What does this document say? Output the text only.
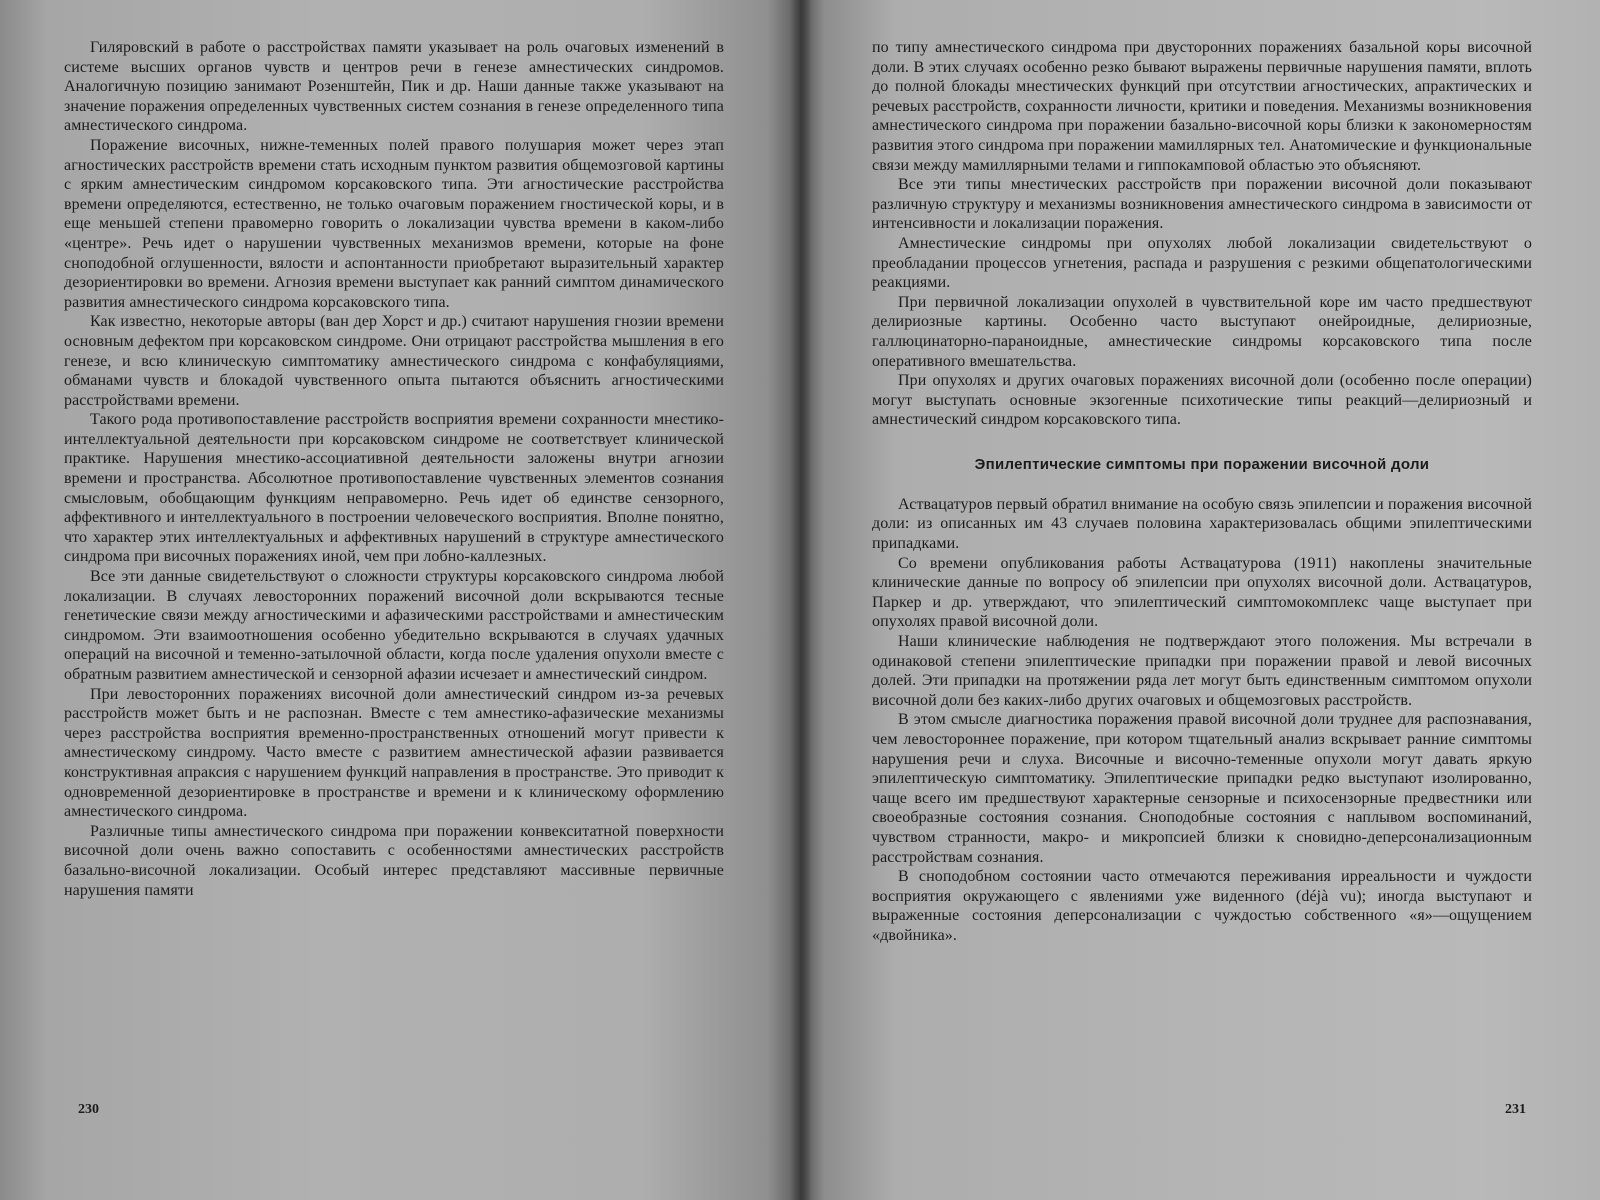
Гиляровский в работе о расстройствах памяти указывает на роль очаговых изменений в системе высших органов чувств и центров речи в генезе амнестических синдромов. Аналогичную позицию занимают Розенштейн, Пик и др. Наши данные также указывают на значение поражения определенных чувственных систем сознания в генезе определенного типа амнестического синдрома.

Поражение височных, нижне-теменных полей правого полушария может через этап агностических расстройств времени стать исходным пунктом развития общемозговой картины с ярким амнестическим синдромом корсаковского типа. Эти агностические расстройства времени определяются, естественно, не только очаговым поражением гностической коры, и в еще меньшей степени правомерно говорить о локализации чувства времени в каком-либо «центре». Речь идет о нарушении чувственных механизмов времени, которые на фоне сноподобной оглушенности, вялости и аспонтанности приобретают выразительный характер дезориентировки во времени. Агнозия времени выступает как ранний симптом динамического развития амнестического синдрома корсаковского типа.

Как известно, некоторые авторы (ван дер Хорст и др.) считают нарушения гнозии времени основным дефектом при корсаковском синдроме. Они отрицают расстройства мышления в его генезе, и всю клиническую симптоматику амнестического синдрома с конфабуляциями, обманами чувств и блокадой чувственного опыта пытаются объяснить агностическими расстройствами времени.

Такого рода противопоставление расстройств восприятия времени сохранности мнестико-интеллектуальной деятельности при корсаковском синдроме не соответствует клинической практике. Нарушения мнестико-ассоциативной деятельности заложены внутри агнозии времени и пространства. Абсолютное противопоставление чувственных элементов сознания смысловым, обобщающим функциям неправомерно. Речь идет об единстве сензорного, аффективного и интеллектуального в построении человеческого восприятия. Вполне понятно, что характер этих интеллектуальных и аффективных нарушений в структуре амнестического синдрома при височных поражениях иной, чем при лобно-каллезных.

Все эти данные свидетельствуют о сложности структуры корсаковского синдрома любой локализации. В случаях левосторонних поражений височной доли вскрываются тесные генетические связи между агностическими и афазическими расстройствами и амнестическим синдромом. Эти взаимоотношения особенно убедительно вскрываются в случаях удачных операций на височной и теменно-затылочной области, когда после удаления опухоли вместе с обратным развитием амнестической и сензорной афазии исчезает и амнестический синдром.

При левосторонних поражениях височной доли амнестический синдром из-за речевых расстройств может быть и не распознан. Вместе с тем амнестико-афазические механизмы через расстройства восприятия временно-пространственных отношений могут привести к амнестическому синдрому. Часто вместе с развитием амнестической афазии развивается конструктивная апраксия с нарушением функций направления в пространстве. Это приводит к одновременной дезориентировке в пространстве и времени и к клиническому оформлению амнестического синдрома.

Различные типы амнестического синдрома при поражении конвекситатной поверхности височной доли очень важно сопоставить с особенностями амнестических расстройств базально-височной локализации. Особый интерес представляют массивные первичные нарушения памяти

230

по типу амнестического синдрома при двусторонних поражениях базальной коры височной доли. В этих случаях особенно резко бывают выражены первичные нарушения памяти, вплоть до полной блокады мнестических функций при отсутствии агностических, апрактических и речевых расстройств, сохранности личности, критики и поведения. Механизмы возникновения амнестического синдрома при поражении базально-височной коры близки к закономерностям развития этого синдрома при поражении мамиллярных тел. Анатомические и функциональные связи между мамиллярными телами и гиппокамповой областью это объясняют.

Все эти типы мнестических расстройств при поражении височной доли показывают различную структуру и механизмы возникновения амнестического синдрома в зависимости от интенсивности и локализации поражения.

Амнестические синдромы при опухолях любой локализации свидетельствуют о преобладании процессов угнетения, распада и разрушения с резкими общепатологическими реакциями.

При первичной локализации опухолей в чувствительной коре им часто предшествуют делириозные картины. Особенно часто выступают онейроидные, делириозные, галлюцинаторно-параноидные, амнестические синдромы корсаковского типа после оперативного вмешательства.

При опухолях и других очаговых поражениях височной доли (особенно после операции) могут выступать основные экзогенные психотические типы реакций—делириозный и амнестический синдром корсаковского типа.

Эпилептические симптомы при поражении височной доли

Аствацатуров первый обратил внимание на особую связь эпилепсии и поражения височной доли: из описанных им 43 случаев половина характеризовалась общими эпилептическими припадками.

Со времени опубликования работы Аствацатурова (1911) накоплены значительные клинические данные по вопросу об эпилепсии при опухолях височной доли. Аствацатуров, Паркер и др. утверждают, что эпилептический симптомокомплекс чаще выступает при опухолях правой височной доли.

Наши клинические наблюдения не подтверждают этого положения. Мы встречали в одинаковой степени эпилептические припадки при поражении правой и левой височных долей. Эти припадки на протяжении ряда лет могут быть единственным симптомом опухоли височной доли без каких-либо других очаговых и общемозговых расстройств.

В этом смысле диагностика поражения правой височной доли труднее для распознавания, чем левостороннее поражение, при котором тщательный анализ вскрывает ранние симптомы нарушения речи и слуха. Височные и височно-теменные опухоли могут давать яркую эпилептическую симптоматику. Эпилептические припадки редко выступают изолированно, чаще всего им предшествуют характерные сензорные и психосензорные предвестники или своеобразные состояния сознания. Сноподобные состояния с наплывом воспоминаний, чувством странности, макро- и микропсией близки к сновидно-деперсонализационным расстройствам сознания.

В сноподобном состоянии часто отмечаются переживания ирреальности и чуждости восприятия окружающего с явлениями уже виденного (déjà vu); иногда выступают и выраженные состояния деперсонализации с чуждостью собственного «я»—ощущением «двойника».

231
